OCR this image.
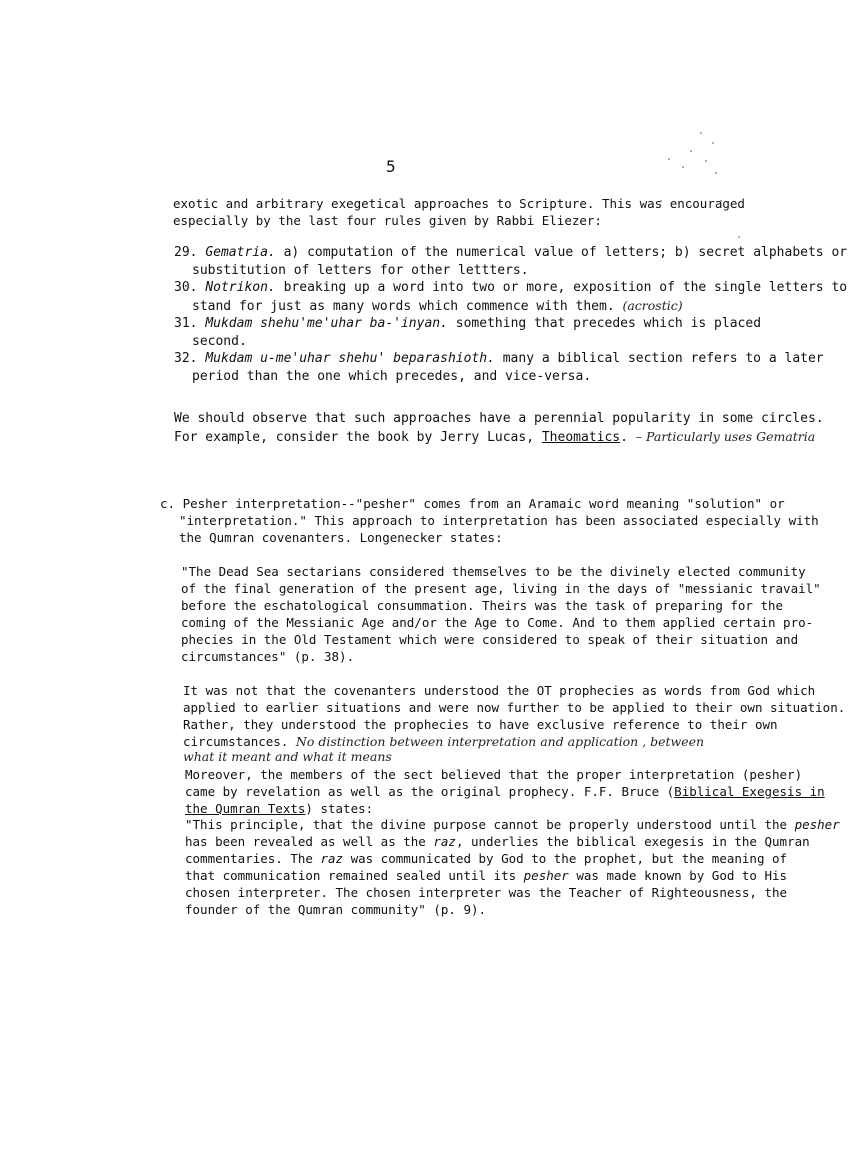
5
exotic and arbitrary exegetical approaches to Scripture. This was encouraged
especially by the last four rules given by Rabbi Eliezer:
29. Gematria. a) computation of the numerical value of letters; b) secret alphabets or
substitution of letters for other lettters.
30. Notrikon. breaking up a word into two or more, exposition of the single letters to
stand for just as many words which commence with them. (acrostic)
31. Mukdam shehu'me'uhar ba-'inyan. something that precedes which is placed
second.
32. Mukdam u-me'uhar shehu' beparashioth. many a biblical section refers to a later
period than the one which precedes, and vice-versa.
We should observe that such approaches have a perennial popularity in some circles.
For example, consider the book by Jerry Lucas, Theomatics. – Particularly uses Gematria
c. Pesher interpretation--"pesher" comes from an Aramaic word meaning "solution" or
"interpretation." This approach to interpretation has been associated especially with
the Qumran covenanters. Longenecker states:
"The Dead Sea sectarians considered themselves to be the divinely elected community
of the final generation of the present age, living in the days of "messianic travail"
before the eschatological consummation. Theirs was the task of preparing for the
coming of the Messianic Age and/or the Age to Come. And to them applied certain pro-
phecies in the Old Testament which were considered to speak of their situation and
circumstances" (p. 38).
It was not that the covenanters understood the OT prophecies as words from God which
applied to earlier situations and were now further to be applied to their own situation.
Rather, they understood the prophecies to have exclusive reference to their own
circumstances. No distinction between interpretation and application , between
what it meant and what it means
Moreover, the members of the sect believed that the proper interpretation (pesher)
came by revelation as well as the original prophecy. F.F. Bruce (Biblical Exegesis in
the Qumran Texts) states:
"This principle, that the divine purpose cannot be properly understood until the pesher
has been revealed as well as the raz, underlies the biblical exegesis in the Qumran
commentaries. The raz was communicated by God to the prophet, but the meaning of
that communication remained sealed until its pesher was made known by God to His
chosen interpreter. The chosen interpreter was the Teacher of Righteousness, the
founder of the Qumran community" (p. 9).
